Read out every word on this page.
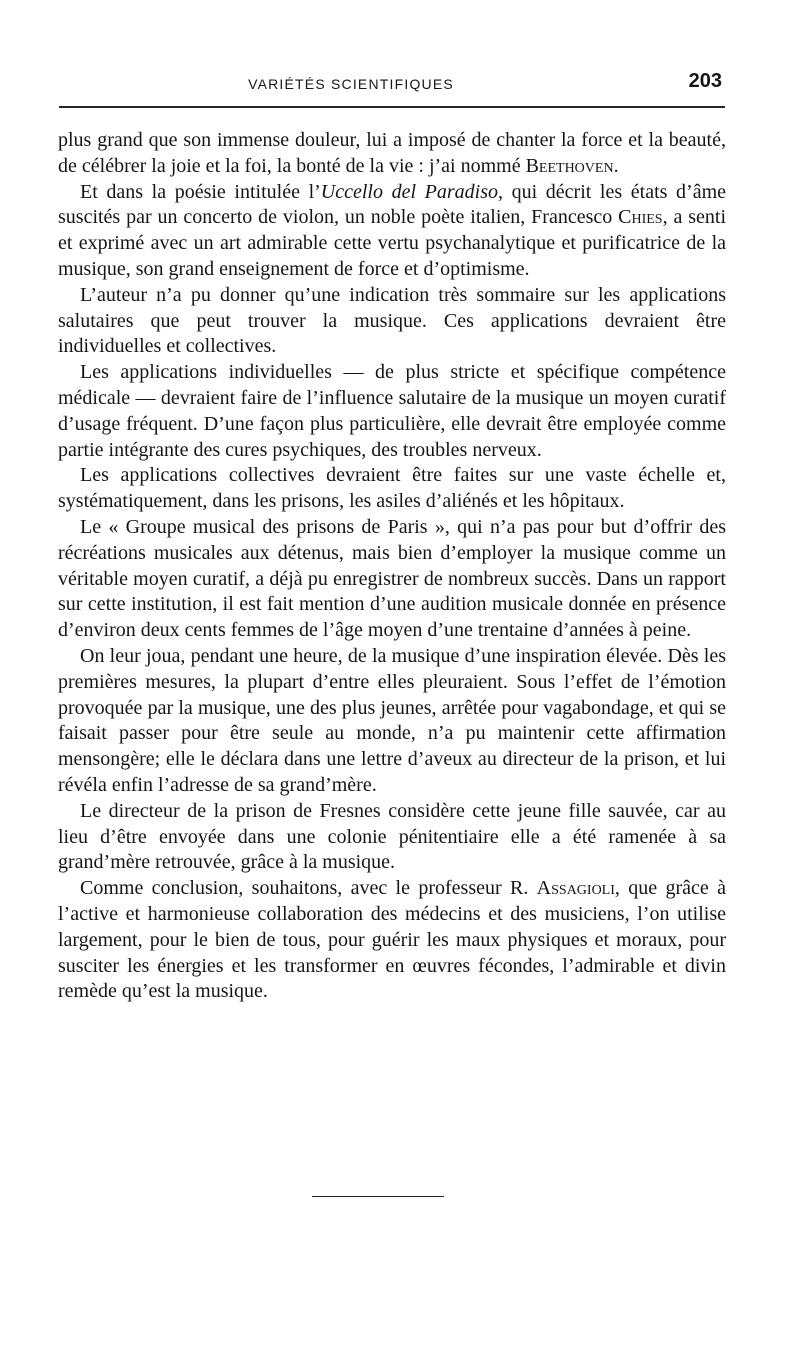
VARIÉTÉS SCIENTIFIQUES	203

plus grand que son immense douleur, lui a imposé de chanter la force et la beauté, de célébrer la joie et la foi, la bonté de la vie : j’ai nommé Beethoven.

Et dans la poésie intitulée l’Uccello del Paradiso, qui décrit les états d’âme suscités par un concerto de violon, un noble poète italien, Francesco Chies, a senti et exprimé avec un art admirable cette vertu psychanalytique et purificatrice de la musique, son grand enseignement de force et d’optimisme.

L’auteur n’a pu donner qu’une indication très sommaire sur les applications salutaires que peut trouver la musique. Ces applications devraient être individuelles et collectives.

Les applications individuelles — de plus stricte et spécifique compétence médicale — devraient faire de l’influence salutaire de la musique un moyen curatif d’usage fréquent. D’une façon plus particulière, elle devrait être employée comme partie intégrante des cures psychiques, des troubles nerveux.

Les applications collectives devraient être faites sur une vaste échelle et, systématiquement, dans les prisons, les asiles d’aliénés et les hôpitaux.

Le « Groupe musical des prisons de Paris », qui n’a pas pour but d’offrir des récréations musicales aux détenus, mais bien d’employer la musique comme un véritable moyen curatif, a déjà pu enregistrer de nombreux succès. Dans un rapport sur cette institution, il est fait mention d’une audition musicale donnée en présence d’environ deux cents femmes de l’âge moyen d’une trentaine d’années à peine.

On leur joua, pendant une heure, de la musique d’une inspiration élevée. Dès les premières mesures, la plupart d’entre elles pleuraient. Sous l’effet de l’émotion provoquée par la musique, une des plus jeunes, arrêtée pour vagabondage, et qui se faisait passer pour être seule au monde, n’a pu maintenir cette affirmation mensongère; elle le déclara dans une lettre d’aveux au directeur de la prison, et lui révéla enfin l’adresse de sa grand’mère.

Le directeur de la prison de Fresnes considère cette jeune fille sauvée, car au lieu d’être envoyée dans une colonie pénitentiaire elle a été ramenée à sa grand’mère retrouvée, grâce à la musique.

Comme conclusion, souhaitons, avec le professeur R. Assagioli, que grâce à l’active et harmonieuse collaboration des médecins et des musiciens, l’on utilise largement, pour le bien de tous, pour guérir les maux physiques et moraux, pour susciter les énergies et les transformer en œuvres fécondes, l’admirable et divin remède qu’est la musique.
